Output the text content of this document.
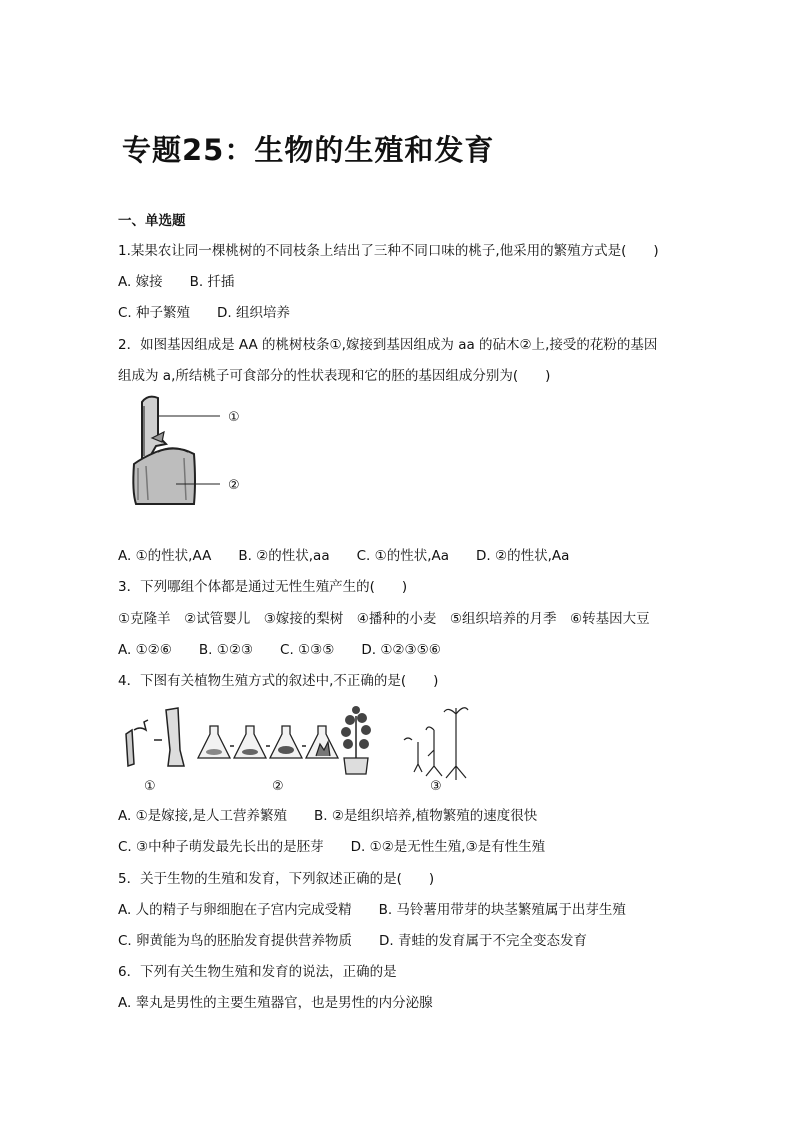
专题25：生物的生殖和发育
一、单选题
1.某果农让同一棵桃树的不同枝条上结出了三种不同口味的桃子,他采用的繁殖方式是(　　)
A. 嫁接　　B. 扦插
C. 种子繁殖　　D. 组织培养
2．如图基因组成是 AA 的桃树枝条①,嫁接到基因组成为 aa 的砧木②上,接受的花粉的基因
组成为 a,所结桃子可食部分的性状表现和它的胚的基因组成分别为(　　)
①
②
A. ①的性状,AA　　B. ②的性状,aa　　C. ①的性状,Aa　　D. ②的性状,Aa
3．下列哪组个体都是通过无性生殖产生的(　　)
①克隆羊　②试管婴儿　③嫁接的梨树　④播种的小麦　⑤组织培养的月季　⑥转基因大豆
A. ①②⑥　　B. ①②③　　C. ①③⑤　　D. ①②③⑤⑥
4．下图有关植物生殖方式的叙述中,不正确的是(　　)
①	②	③
A. ①是嫁接,是人工营养繁殖　　B. ②是组织培养,植物繁殖的速度很快
C. ③中种子萌发最先长出的是胚芽　　D. ①②是无性生殖,③是有性生殖
5．关于生物的生殖和发育，下列叙述正确的是(　　)
A. 人的精子与卵细胞在子宫内完成受精　　B. 马铃薯用带芽的块茎繁殖属于出芽生殖
C. 卵黄能为鸟的胚胎发育提供营养物质　　D. 青蛙的发育属于不完全变态发育
6．下列有关生物生殖和发育的说法，正确的是
A. 睾丸是男性的主要生殖器官，也是男性的内分泌腺
